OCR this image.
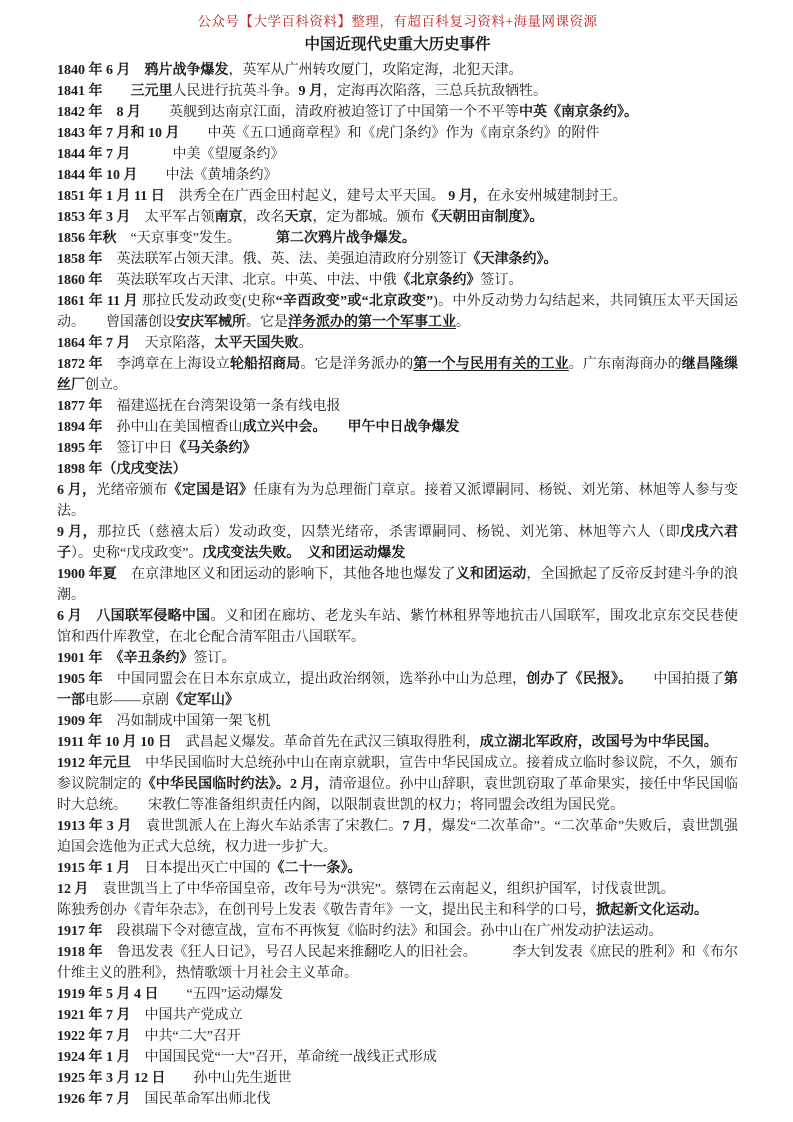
公众号【大学百科资料】整理，有超百科复习资料+海量网课资源
中国近现代史重大历史事件

1840 年 6 月　鸦片战争爆发，英军从广州转攻厦门，攻陷定海，北犯天津。

1841 年　　三元里人民进行抗英斗争。9 月，定海再次陷落，三总兵抗敌牺牲。

1842 年　8 月　　英舰到达南京江面，清政府被迫签订了中国第一个不平等中英《南京条约》。

1843 年 7 月和 10 月　　中英《五口通商章程》和《虎门条约》作为《南京条约》的附件

1844 年 7 月　　　中美《望厦条约》

1844 年 10 月　　中法《黄埔条约》

1851 年 1 月 11 日　洪秀全在广西金田村起义，建号太平天国。 9 月，在永安州城建制封王。

1853 年 3 月　太平军占领南京，改名天京，定为都城。颁布《天朝田亩制度》。

1856 年秋　“天京事变”发生。　　　第二次鸦片战争爆发。

1858 年　英法联军占领天津。俄、英、法、美强迫清政府分别签订《天津条约》。

1860 年　英法联军攻占天津、北京。中英、中法、中俄《北京条约》签订。

1861 年 11 月 那拉氏发动政变(史称“辛酉政变”或“北京政变”)。中外反动势力勾结起来，共同镇压太平天国运动。　　曾国藩创设安庆军械所。它是洋务派办的第一个军事工业。

1864 年 7 月　天京陷落，太平天国失败。

1872 年　李鸿章在上海设立轮船招商局。它是洋务派办的第一个与民用有关的工业。广东南海商办的继昌隆缫丝厂创立。

1877 年　福建巡抚在台湾架设第一条有线电报

1894 年　孙中山在美国檀香山成立兴中会。　　 甲午中日战争爆发

1895 年　签订中日《马关条约》

1898 年（戊戌变法）

6 月，光绪帝颁布《定国是诏》任康有为为总理衙门章京。接着又派谭嗣同、杨锐、刘光第、林旭等人参与变法。

9 月，那拉氏（慈禧太后）发动政变，囚禁光绪帝，杀害谭嗣同、杨锐、刘光第、林旭等六人（即戊戌六君子）。史称“戊戌政变”。戊戌变法失败。　 义和团运动爆发

1900 年夏　在京津地区义和团运动的影响下，其他各地也爆发了义和团运动，全国掀起了反帝反封建斗争的浪潮。

6 月　八国联军侵略中国。义和团在廊坊、老龙头车站、紫竹林租界等地抗击八国联军，围攻北京东交民巷使馆和西什库教堂，在北仑配合清军阻击八国联军。

1901 年　《辛丑条约》签订。

1905 年　中国同盟会在日本东京成立，提出政治纲领，选举孙中山为总理，创办了《民报》。　　中国拍摄了第一部电影——京剧《定军山》

1909 年　冯如制成中国第一架飞机

1911 年 10 月 10 日　武昌起义爆发。革命首先在武汉三镇取得胜利，成立湖北军政府，改国号为中华民国。

1912 年元旦　中华民国临时大总统孙中山在南京就职，宣告中华民国成立。接着成立临时参议院，不久，颁布参议院制定的《中华民国临时约法》。2 月，清帝退位。孙中山辞职，袁世凯窃取了革命果实，接任中华民国临时大总统。　　宋教仁等准备组织责任内阁，以限制袁世凯的权力；将同盟会改组为国民党。

1913 年 3 月　袁世凯派人在上海火车站杀害了宋教仁。7 月，爆发“二次革命”。“二次革命”失败后，袁世凯强迫国会选他为正式大总统，权力进一步扩大。

1915 年 1 月　日本提出灭亡中国的《二十一条》。

12 月　袁世凯当上了中华帝国皇帝，改年号为“洪宪”。蔡锷在云南起义，组织护国军，讨伐袁世凯。

陈独秀创办《青年杂志》，在创刊号上发表《敬告青年》一文，提出民主和科学的口号，掀起新文化运动。

1917 年　段祺瑞下令对德宣战，宣布不再恢复《临时约法》和国会。孙中山在广州发动护法运动。

1918 年　鲁迅发表《狂人日记》，号召人民起来推翻吃人的旧社会。　　　李大钊发表《庶民的胜利》和《布尔什维主义的胜利》，热情歌颂十月社会主义革命。

1919 年 5 月 4 日　　“五四”运动爆发

1921 年 7 月　中国共产党成立

1922 年 7 月　中共“二大”召开

1924 年 1 月　中国国民党“一大”召开，革命统一战线正式形成

1925 年 3 月 12 日　　孙中山先生逝世

1926 年 7 月　国民革命军出师北伐
